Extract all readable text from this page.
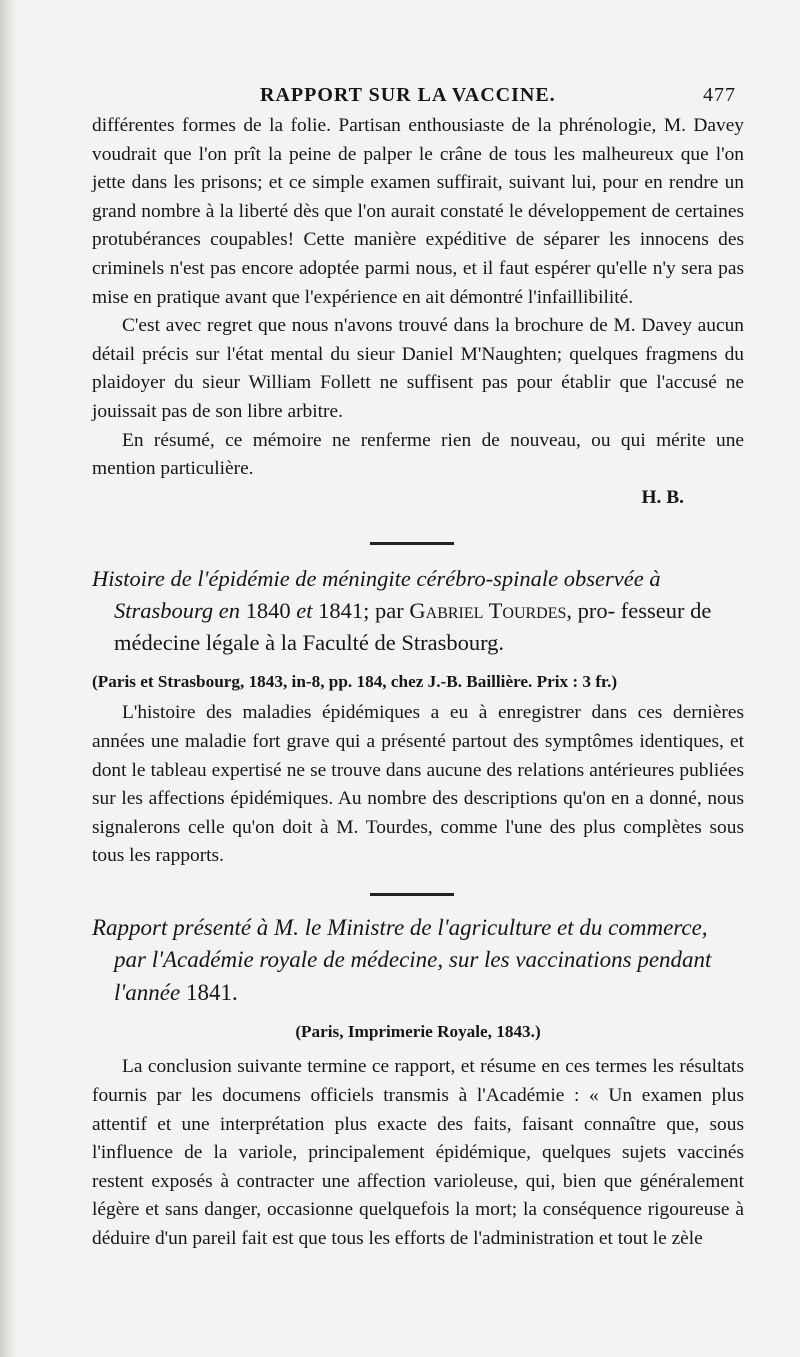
RAPPORT SUR LA VACCINE.	477

différentes formes de la folie. Partisan enthousiaste de la phrénologie, M. Davey voudrait que l'on prît la peine de palper le crâne de tous les malheureux que l'on jette dans les prisons; et ce simple examen suffirait, suivant lui, pour en rendre un grand nombre à la liberté dès que l'on aurait constaté le développement de certaines protubérances coupables! Cette manière expéditive de séparer les innocens des criminels n'est pas encore adoptée parmi nous, et il faut espérer qu'elle n'y sera pas mise en pratique avant que l'expérience en ait démontré l'infaillibilité.

C'est avec regret que nous n'avons trouvé dans la brochure de M. Davey aucun détail précis sur l'état mental du sieur Daniel M'Naughten; quelques fragmens du plaidoyer du sieur William Follett ne suffisent pas pour établir que l'accusé ne jouissait pas de son libre arbitre.

En résumé, ce mémoire ne renferme rien de nouveau, ou qui mérite une mention particulière.

H. B.
Histoire de l'épidémie de méningite cérébro-spinale observée à Strasbourg en 1840 et 1841; par Gabriel Tourdes, pro- fesseur de médecine légale à la Faculté de Strasbourg.
(Paris et Strasbourg, 1843, in-8, pp. 184, chez J.-B. Baillière. Prix : 3 fr.)

L'histoire des maladies épidémiques a eu à enregistrer dans ces dernières années une maladie fort grave qui a présenté partout des symptômes identiques, et dont le tableau expertisé ne se trouve dans aucune des relations antérieures publiées sur les affections épidémiques. Au nombre des descriptions qu'on en a donné, nous signalerons celle qu'on doit à M. Tourdes, comme l'une des plus complètes sous tous les rapports.

Rapport présenté à M. le Ministre de l'agriculture et du commerce, par l'Académie royale de médecine, sur les vaccinations pendant l'année 1841.
(Paris, Imprimerie Royale, 1843.)

La conclusion suivante termine ce rapport, et résume en ces termes les résultats fournis par les documens officiels transmis à l'Académie : « Un examen plus attentif et une interprétation plus exacte des faits, faisant connaître que, sous l'influence de la variole, principalement épidémique, quelques sujets vaccinés restent exposés à contracter une affection varioleuse, qui, bien que généralement légère et sans danger, occasionne quelquefois la mort; la conséquence rigoureuse à déduire d'un pareil fait est que tous les efforts de l'administration et tout le zèle
